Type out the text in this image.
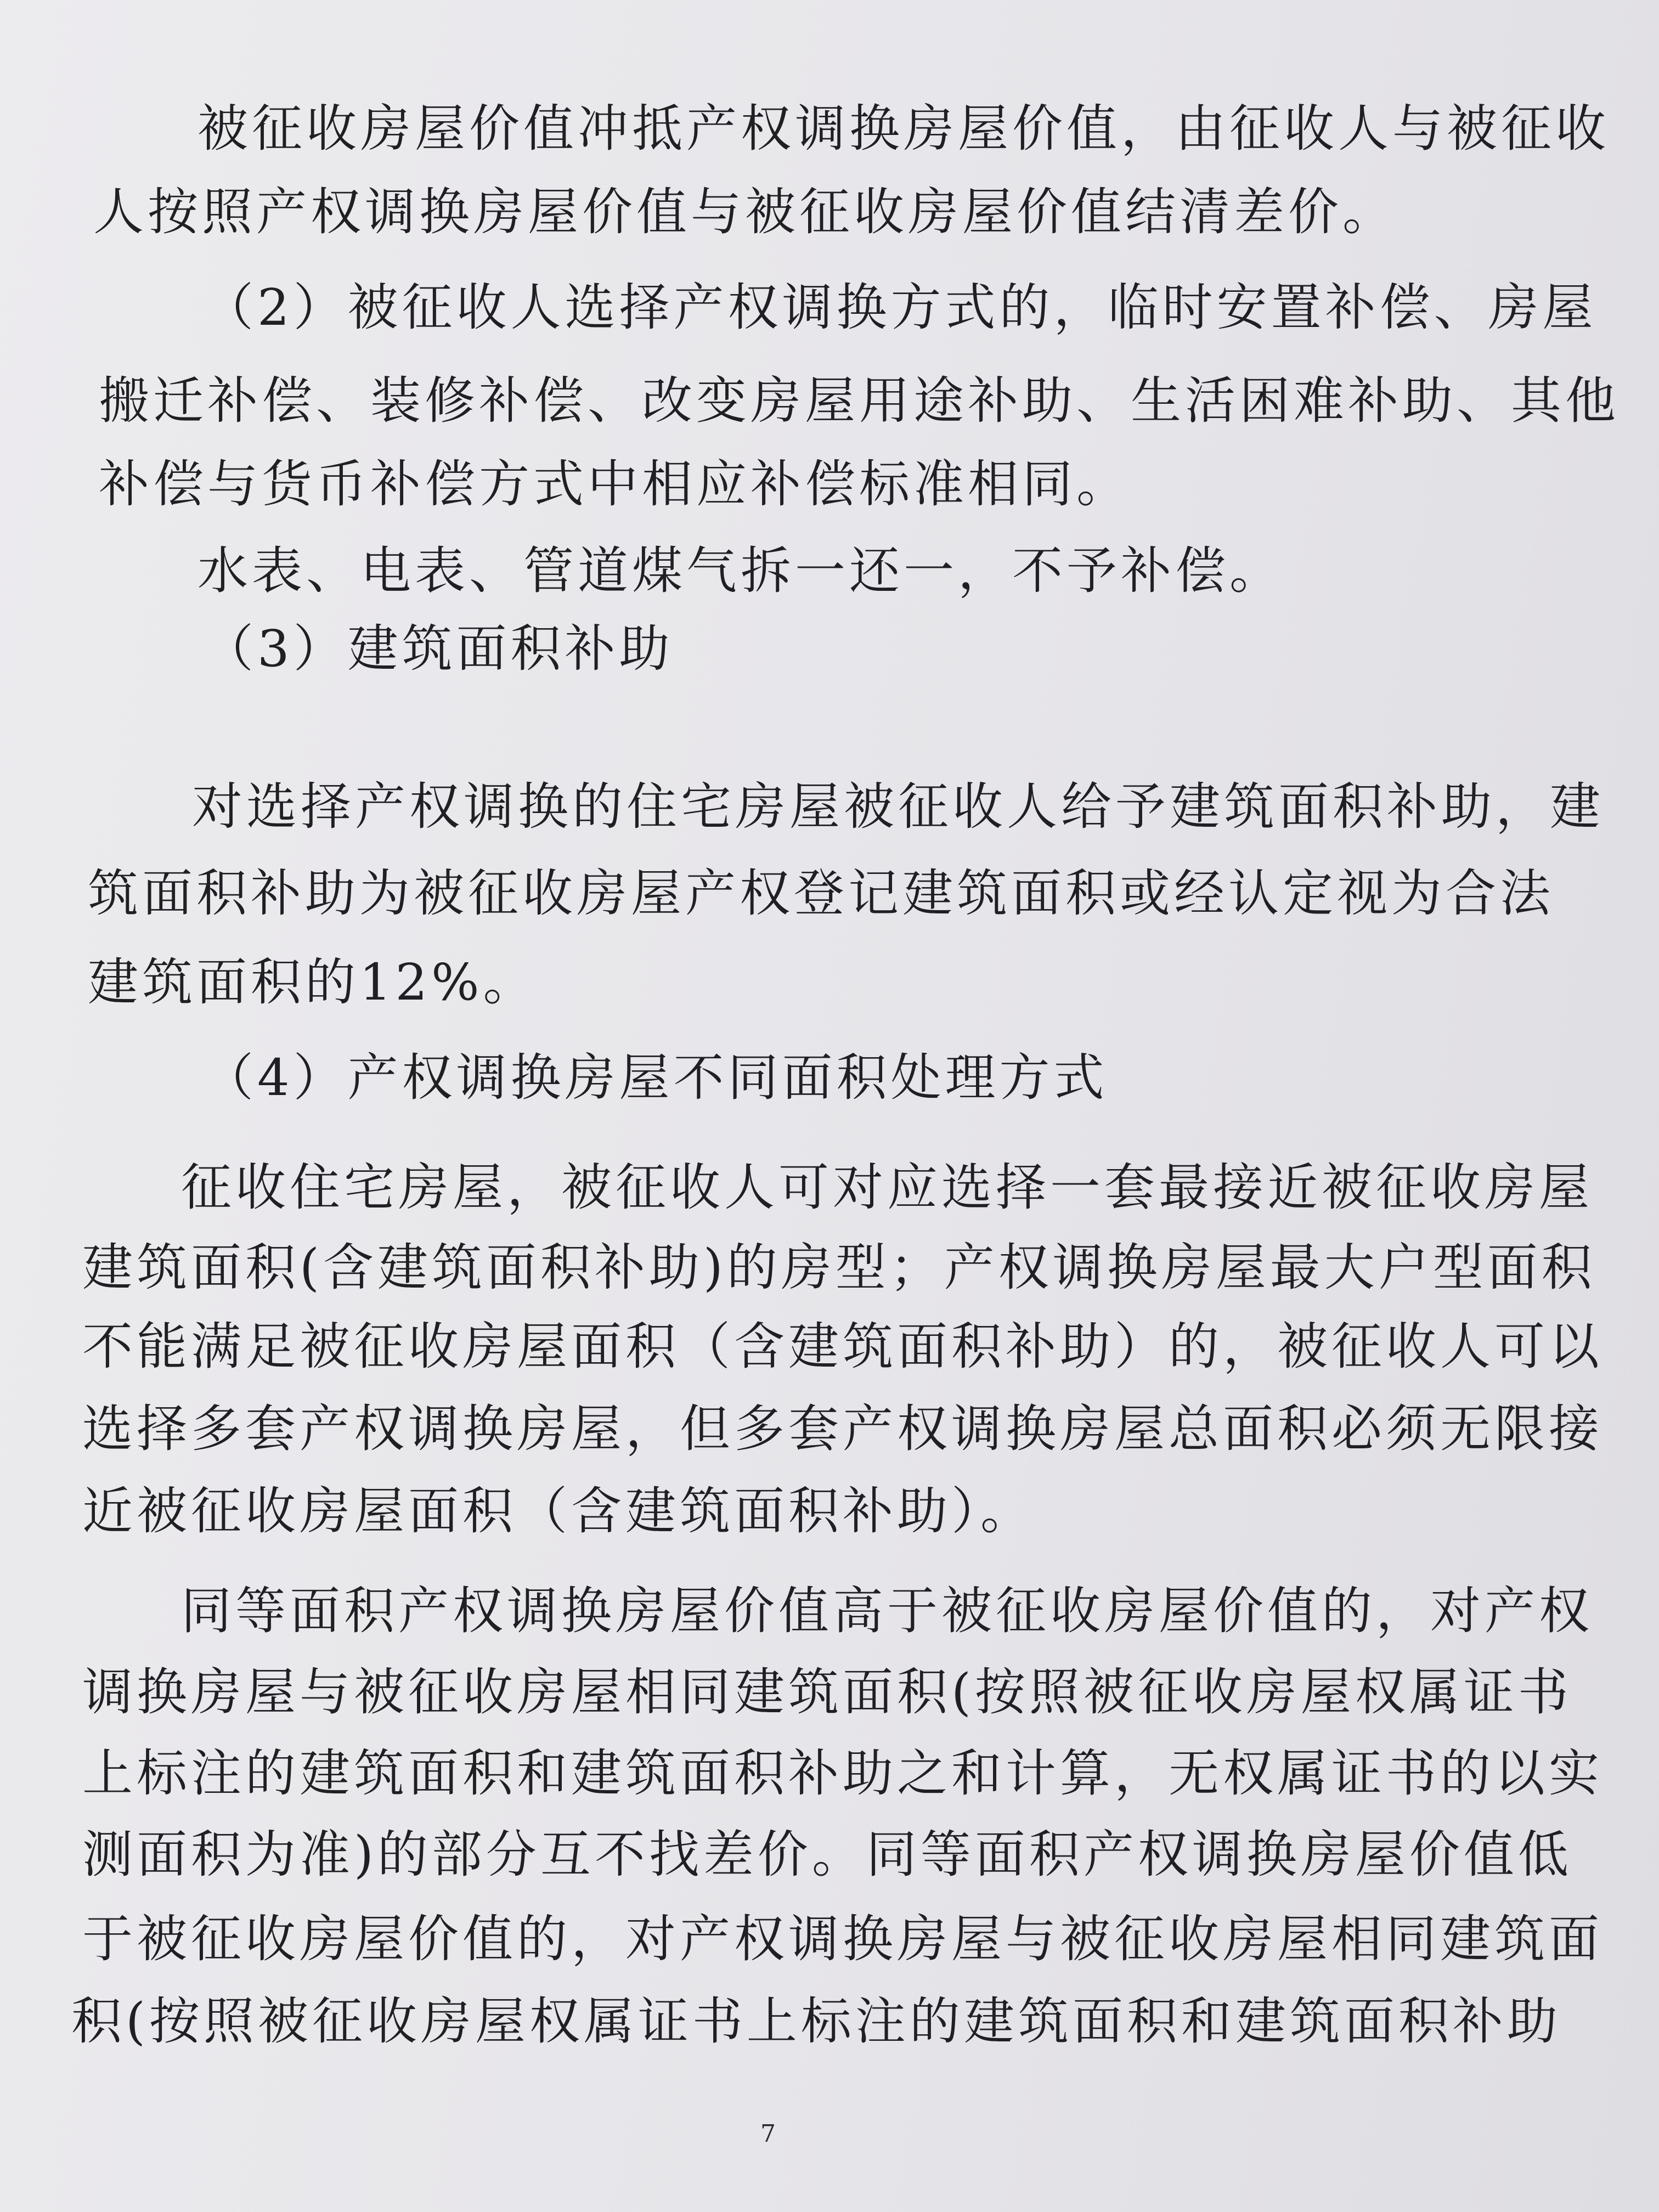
被征收房屋价值冲抵产权调换房屋价值，由征收人与被征收
人按照产权调换房屋价值与被征收房屋价值结清差价。
（2）被征收人选择产权调换方式的，临时安置补偿、房屋
搬迁补偿、装修补偿、改变房屋用途补助、生活困难补助、其他
补偿与货币补偿方式中相应补偿标准相同。
水表、电表、管道煤气拆一还一，不予补偿。
（3）建筑面积补助
对选择产权调换的住宅房屋被征收人给予建筑面积补助，建
筑面积补助为被征收房屋产权登记建筑面积或经认定视为合法
建筑面积的12%。
（4）产权调换房屋不同面积处理方式
征收住宅房屋，被征收人可对应选择一套最接近被征收房屋
建筑面积(含建筑面积补助)的房型；产权调换房屋最大户型面积
不能满足被征收房屋面积（含建筑面积补助）的，被征收人可以
选择多套产权调换房屋，但多套产权调换房屋总面积必须无限接
近被征收房屋面积（含建筑面积补助）。
同等面积产权调换房屋价值高于被征收房屋价值的，对产权
调换房屋与被征收房屋相同建筑面积(按照被征收房屋权属证书
上标注的建筑面积和建筑面积补助之和计算，无权属证书的以实
测面积为准)的部分互不找差价。同等面积产权调换房屋价值低
于被征收房屋价值的，对产权调换房屋与被征收房屋相同建筑面
积(按照被征收房屋权属证书上标注的建筑面积和建筑面积补助
7
